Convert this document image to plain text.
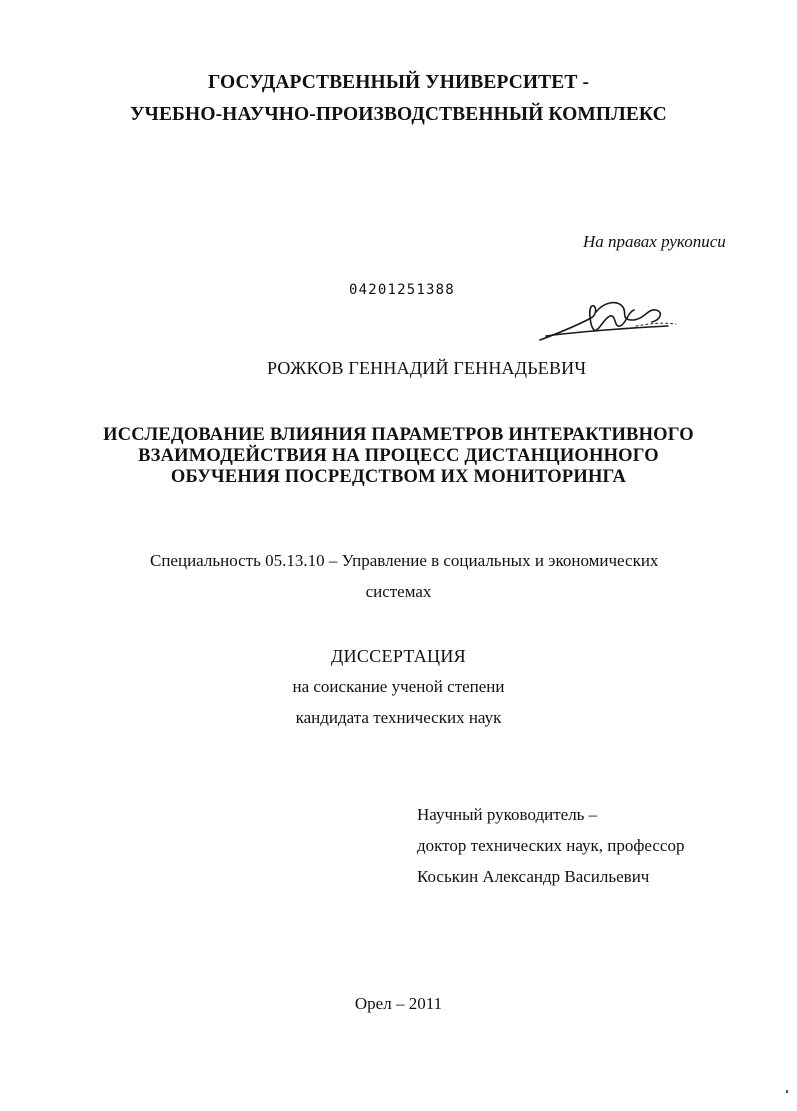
ГОСУДАРСТВЕННЫЙ УНИВЕРСИТЕТ -
УЧЕБНО-НАУЧНО-ПРОИЗВОДСТВЕННЫЙ КОМПЛЕКС
На правах рукописи
04201251388
РОЖКОВ ГЕННАДИЙ ГЕННАДЬЕВИЧ
ИССЛЕДОВАНИЕ ВЛИЯНИЯ ПАРАМЕТРОВ ИНТЕРАКТИВНОГО
ВЗАИМОДЕЙСТВИЯ НА ПРОЦЕСС ДИСТАНЦИОННОГО
ОБУЧЕНИЯ ПОСРЕДСТВОМ ИХ МОНИТОРИНГА
Специальность 05.13.10 – Управление в социальных и экономических
системах
ДИССЕРТАЦИЯ
на соискание ученой степени
кандидата технических наук
Научный руководитель –
доктор технических наук, профессор
Коськин Александр Васильевич
Орел – 2011
